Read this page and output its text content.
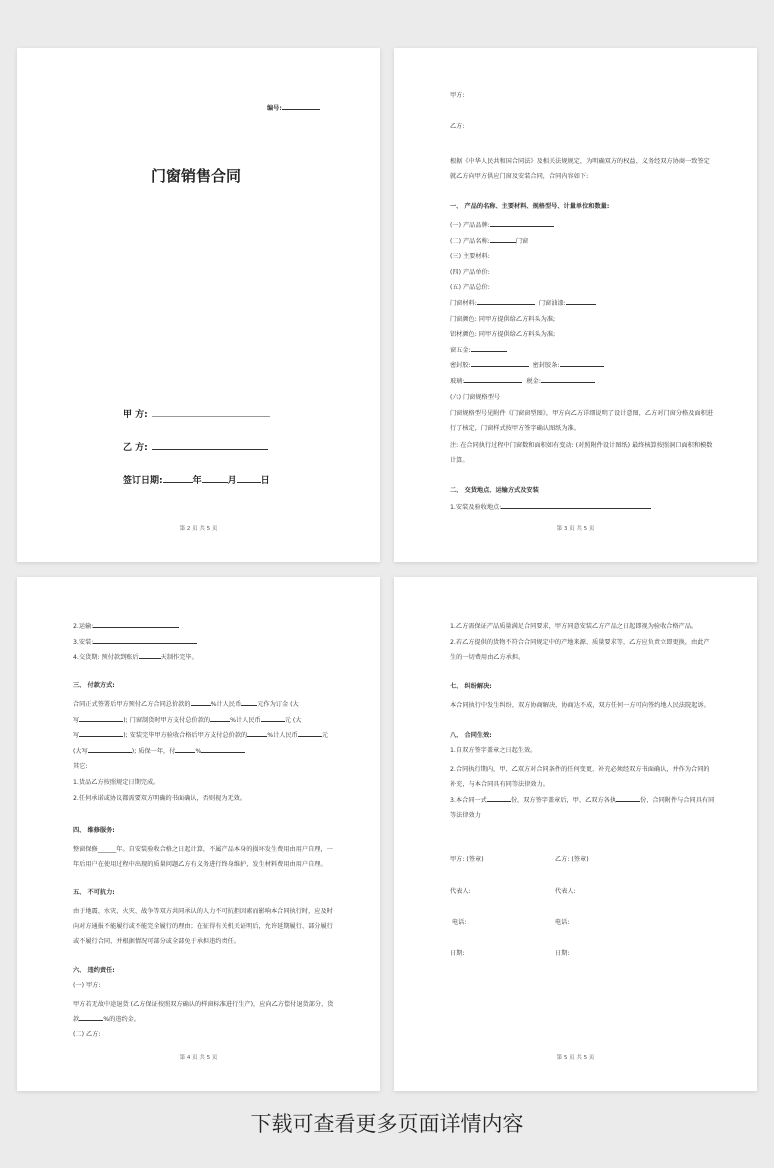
编号:
门窗销售合同
甲 方:
乙 方:
签订日期:	年	月	日
第 2 页 共 5 页
甲方:
乙方:
根据《中华人民共和国合同法》及相关法规规定，为明确双方的权益、义务经双方协商一致签定就乙方向甲方供应门窗及安装合同，合同内容如下:
一、 产品的名称、主要材料、规格型号、计量单位和数量:
(一) 产品品牌:
(二) 产品名称:	门窗
(三) 主要材料:
(四) 产品单价:
(五) 产品总价:
门窗材料:	门窗油漆:
门窗颜色: 同甲方提供给乙方料头为准;
铝材颜色: 同甲方提供给乙方料头为准;
窗五金:
密封胶:	密封胶条:
玻璃:	税金:
(六) 门窗规格型号
门窗规格型号见附件《门窗窗型图》，甲方向乙方详细说明了设计意图，乙方对门窗分格及面积进行了核定，门窗样式按甲方签字确认图纸为准。
注: 在合同执行过程中门窗数和面积如有变动: (对照附件设计图纸) 最终核算按照洞口面积和模数计算。
二、 交货地点、运输方式及安装
1.安装及验收地点:
第 3 页 共 5 页
2.运输:
3.安装:
4.交货期: 预付款到账后	天制作完毕。
三、 付款方式:
合同正式签署后甲方预付乙方合同总价款的	%计人民币	元作为订金 (大
写	); 门窗制货时甲方支付总价款的	%计人民币	元 (大
写	); 安装完毕甲方验收合格后甲方支付总价款的	%计人民币	元
(大写	); 质保一年，付	%
其它:
1.货品乙方按照规定日期完成。
2.任何承诺或协议都需要双方明确的书面确认，否则视为无效。
四、 维修服务:
整窗保修______年。自安装验收合格之日起计算，不属产品本身的损坏发生费用由用户自理，一年后用户在使用过程中出现的质量问题乙方有义务进行终身维护，发生材料费用由用户自理。
五、 不可抗力:
由于地震、水灾、火灾、战争等双方共同承认的人力不可抗拒因素而影响本合同执行时，应及时向对方通报不能履行或不能完全履行的理由；在征得有关机关证明后，允许延期履行、部分履行或不履行合同，并根据情况可部分或全部免于承担违约责任。
六、 违约责任:
(一) 甲方:
甲方若无故中途退货 (乙方保证按照双方确认的样窗标准进行生产)，应向乙方偿付退货部分、货款	%的违约金。
(二) 乙方:
第 4 页 共 5 页
1.乙方需保证产品质量满足合同要求，甲方同意安装乙方产品之日起即视为验收合格产品。
2.若乙方提供的货物不符合合同规定中的产地来源、质量要求等，乙方应负责立即更换，由此产生的一切费用由乙方承担。
七、 纠纷解决:
本合同执行中发生纠纷，双方协商解决，协商达不成，双方任何一方可向签约地人民法院起诉。
八、 合同生效:
1.自双方签字盖章之日起生效。
2.合同执行期内，甲、乙双方对合同条件的任何变更、补充必须经双方书面确认，并作为合同的补充，与本合同具有同等法律效力。
3.本合同一式	份，双方签字盖章后，甲、乙双方各执	份，合同附件与合同具有同等法律效力
甲方: (签章)	乙方: (签章)
代表人:	代表人:
电话:	电话:
日期:	日期:
第 5 页 共 5 页
下载可查看更多页面详情内容
